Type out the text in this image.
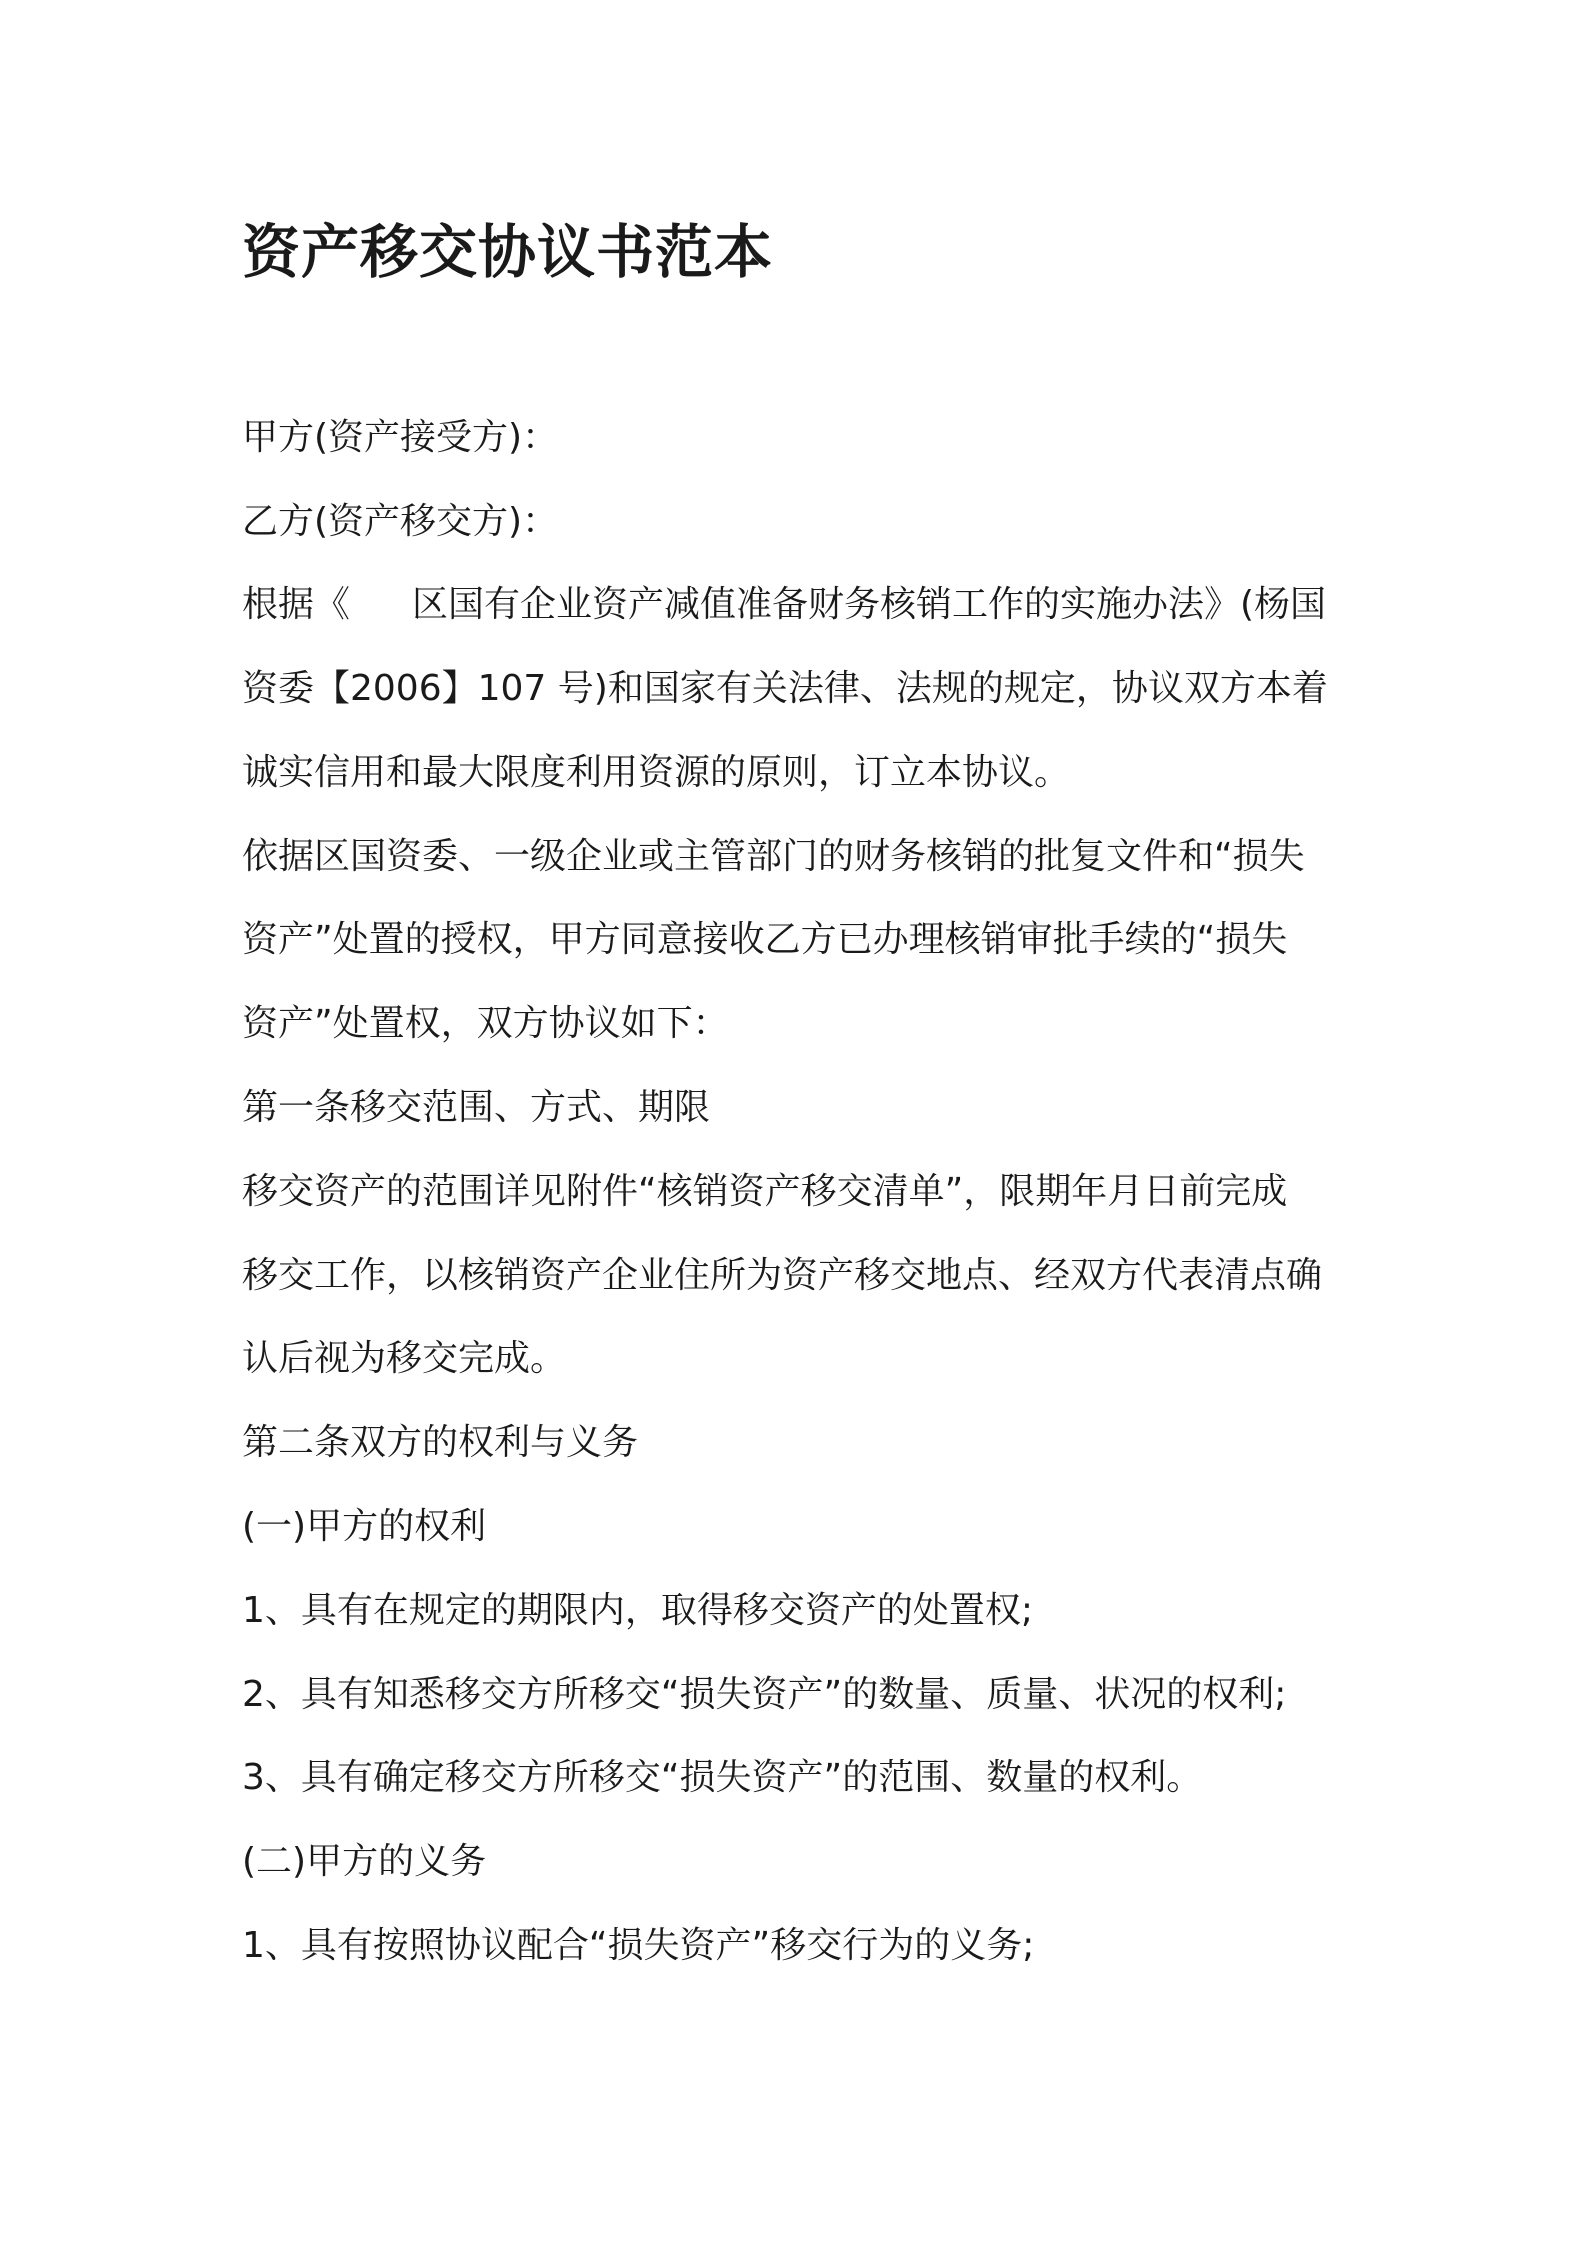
资产移交协议书范本

甲方(资产接受方)：

乙方(资产移交方)：

根据《 区国有企业资产减值准备财务核销工作的实施办法》(杨国

资委【2006】107 号)和国家有关法律、法规的规定，协议双方本着

诚实信用和最大限度利用资源的原则，订立本协议。

依据区国资委、一级企业或主管部门的财务核销的批复文件和“损失

资产”处置的授权，甲方同意接收乙方已办理核销审批手续的“损失

资产”处置权，双方协议如下：

第一条移交范围、方式、期限

移交资产的范围详见附件“核销资产移交清单”，限期年月日前完成

移交工作，以核销资产企业住所为资产移交地点、经双方代表清点确

认后视为移交完成。

第二条双方的权利与义务

(一)甲方的权利

1、具有在规定的期限内，取得移交资产的处置权;

2、具有知悉移交方所移交“损失资产”的数量、质量、状况的权利;

3、具有确定移交方所移交“损失资产”的范围、数量的权利。

(二)甲方的义务

1、具有按照协议配合“损失资产”移交行为的义务;
